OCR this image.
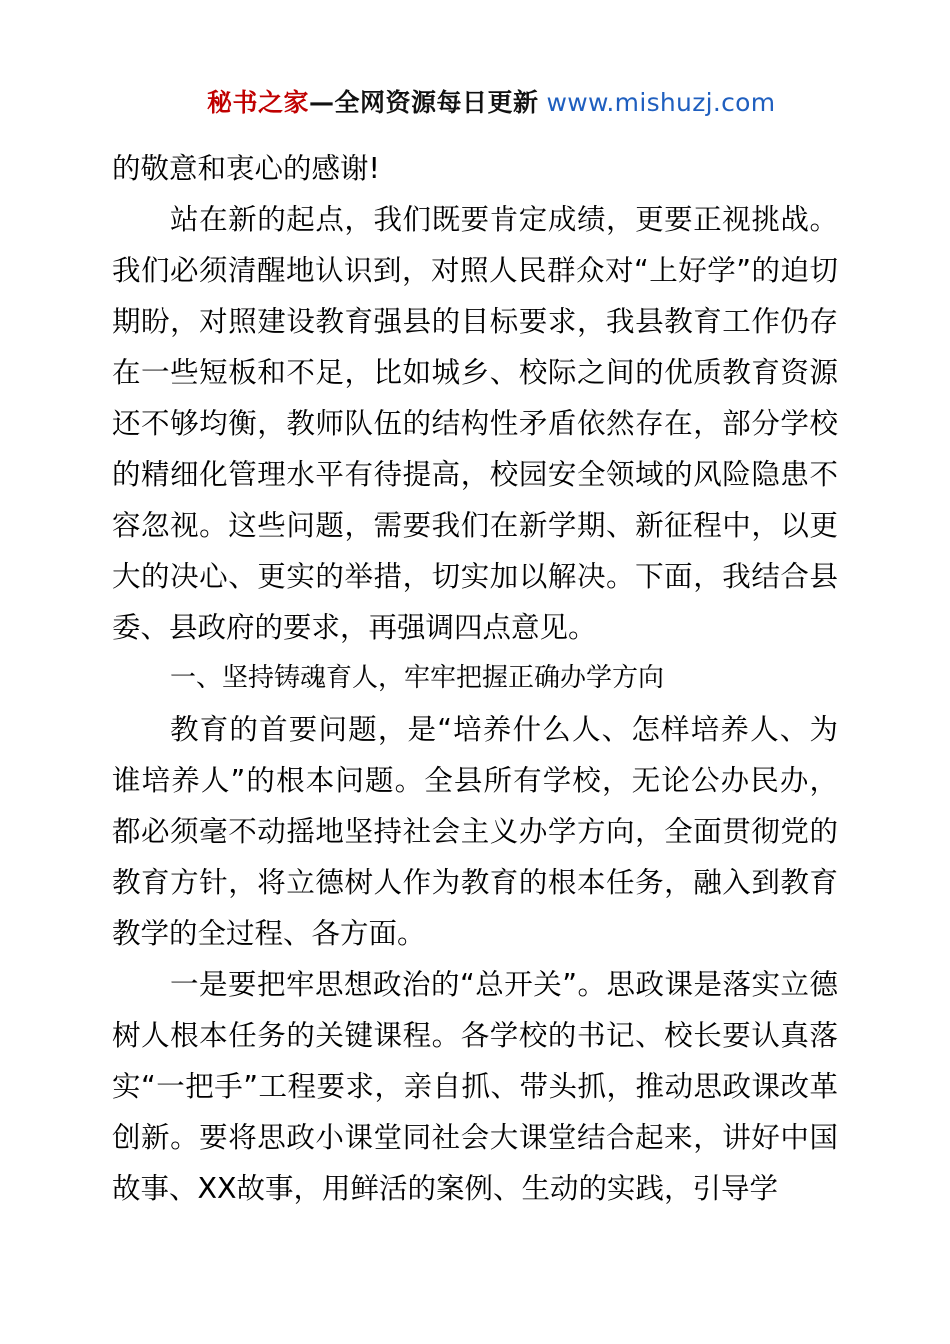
秘书之家—全网资源每日更新 www.mishuzj.com

的敬意和衷心的感谢!

站在新的起点，我们既要肯定成绩，更要正视挑战。我们必须清醒地认识到，对照人民群众对“上好学”的迫切期盼，对照建设教育强县的目标要求，我县教育工作仍存在一些短板和不足，比如城乡、校际之间的优质教育资源还不够均衡，教师队伍的结构性矛盾依然存在，部分学校的精细化管理水平有待提高，校园安全领域的风险隐患不容忽视。这些问题，需要我们在新学期、新征程中，以更大的决心、更实的举措，切实加以解决。下面，我结合县委、县政府的要求，再强调四点意见。

一、坚持铸魂育人，牢牢把握正确办学方向

教育的首要问题，是“培养什么人、怎样培养人、为谁培养人”的根本问题。全县所有学校，无论公办民办，都必须毫不动摇地坚持社会主义办学方向，全面贯彻党的教育方针，将立德树人作为教育的根本任务，融入到教育教学的全过程、各方面。

一是要把牢思想政治的“总开关”。思政课是落实立德树人根本任务的关键课程。各学校的书记、校长要认真落实“一把手”工程要求，亲自抓、带头抓，推动思政课改革创新。要将思政小课堂同社会大课堂结合起来，讲好中国故事、XX故事，用鲜活的案例、生动的实践，引导学
